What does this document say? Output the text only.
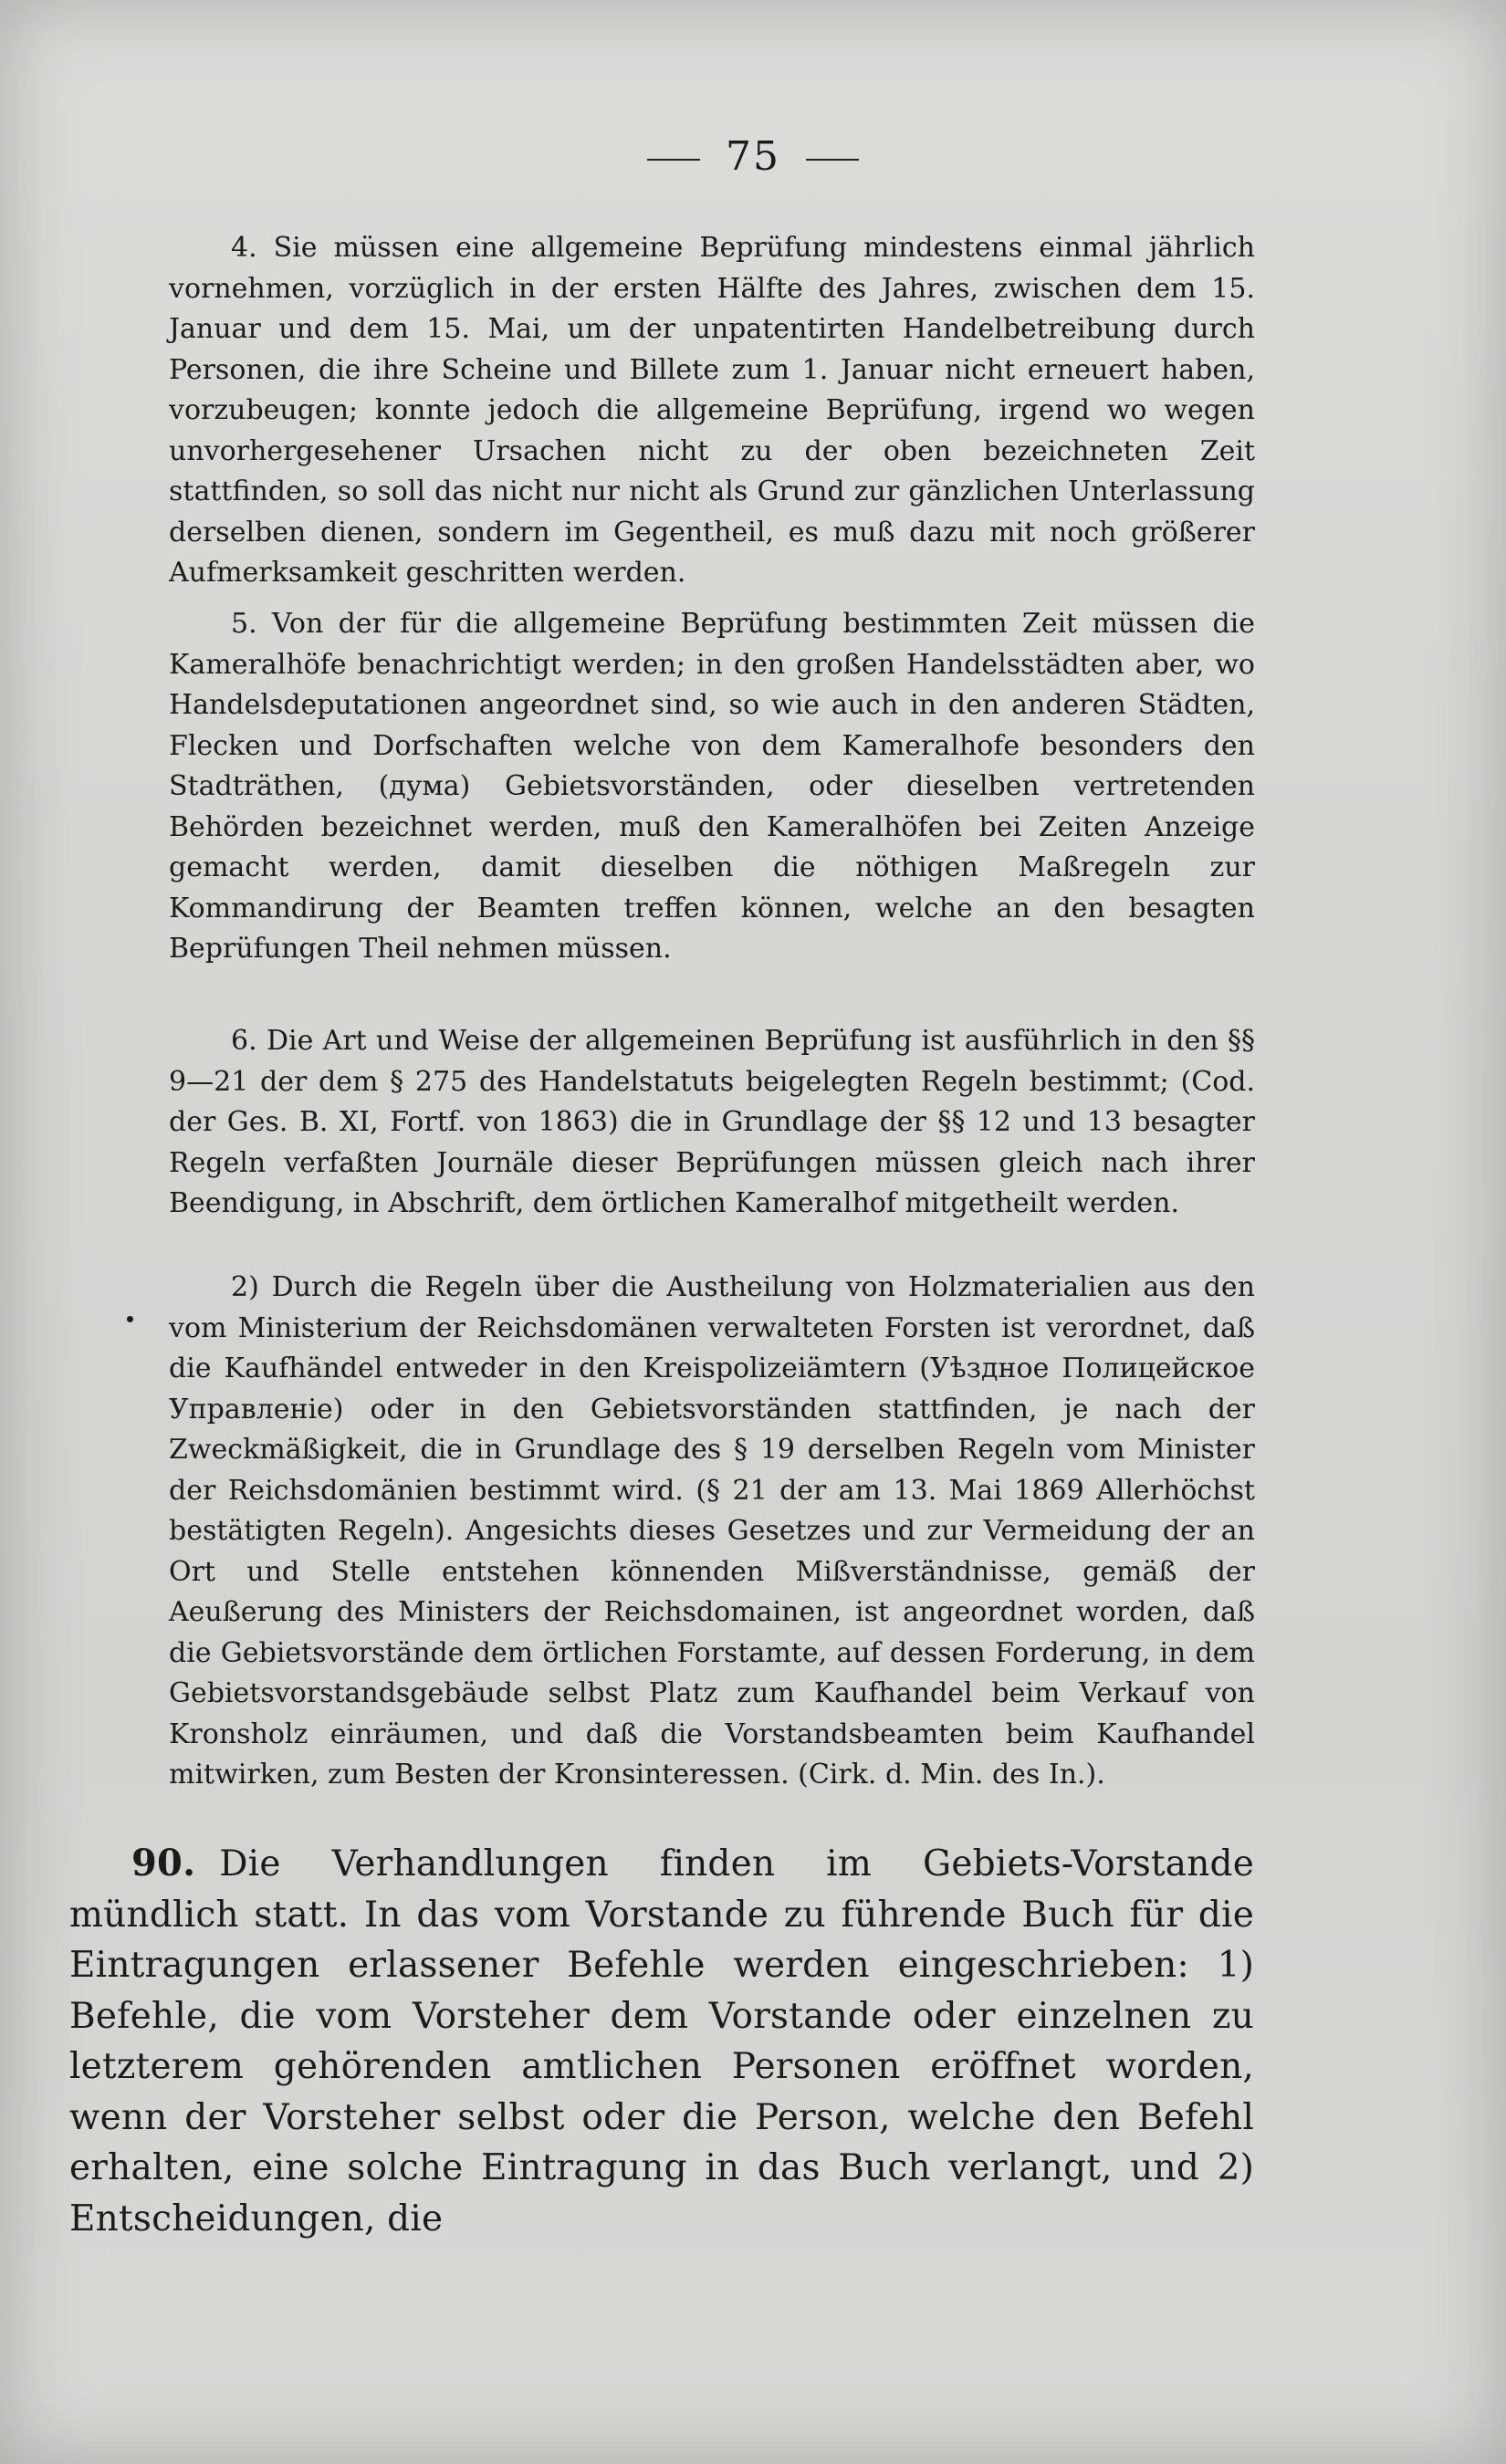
75

4. Sie müssen eine allgemeine Beprüfung mindestens einmal jährlich vornehmen, vorzüglich in der ersten Hälfte des Jahres, zwischen dem 15. Januar und dem 15. Mai, um der unpatentirten Handelbetreibung durch Personen, die ihre Scheine und Billete zum 1. Januar nicht erneuert haben, vorzubeugen; konnte jedoch die allgemeine Beprüfung, irgend wo wegen unvorhergesehener Ursachen nicht zu der oben bezeichneten Zeit stattfinden, so soll das nicht nur nicht als Grund zur gänzlichen Unterlassung derselben dienen, sondern im Gegentheil, es muß dazu mit noch größerer Aufmerksamkeit geschritten werden.

5. Von der für die allgemeine Beprüfung bestimmten Zeit müssen die Kameralhöfe benachrichtigt werden; in den großen Handelsstädten aber, wo Handelsdeputationen angeordnet sind, so wie auch in den anderen Städten, Flecken und Dorfschaften welche von dem Kameralhofe besonders den Stadträthen, (дума) Gebietsvorständen, oder dieselben vertretenden Behörden bezeichnet werden, muß den Kameralhöfen bei Zeiten Anzeige gemacht werden, damit dieselben die nöthigen Maßregeln zur Kommandirung der Beamten treffen können, welche an den besagten Beprüfungen Theil nehmen müssen.

6. Die Art und Weise der allgemeinen Beprüfung ist ausführlich in den §§ 9—21 der dem § 275 des Handelstatuts beigelegten Regeln bestimmt; (Cod. der Ges. B. XI, Fortf. von 1863) die in Grundlage der §§ 12 und 13 besagter Regeln verfaßten Journäle dieser Beprüfungen müssen gleich nach ihrer Beendigung, in Abschrift, dem örtlichen Kameralhof mitgetheilt werden.

2) Durch die Regeln über die Austheilung von Holzmaterialien aus den vom Ministerium der Reichsdomänen verwalteten Forsten ist verordnet, daß die Kaufhändel entweder in den Kreispolizeiämtern (Уѣздное Полицейское Управленіе) oder in den Gebietsvorständen stattfinden, je nach der Zweckmäßigkeit, die in Grundlage des § 19 derselben Regeln vom Minister der Reichsdomänien bestimmt wird. (§ 21 der am 13. Mai 1869 Allerhöchst bestätigten Regeln). Angesichts dieses Gesetzes und zur Vermeidung der an Ort und Stelle entstehen könnenden Mißverständnisse, gemäß der Aeußerung des Ministers der Reichsdomainen, ist angeordnet worden, daß die Gebietsvorstände dem örtlichen Forstamte, auf dessen Forderung, in dem Gebietsvorstandsgebäude selbst Platz zum Kaufhandel beim Verkauf von Kronsholz einräumen, und daß die Vorstandsbeamten beim Kaufhandel mitwirken, zum Besten der Kronsinteressen. (Cirk. d. Min. des In.).

90. Die Verhandlungen finden im Gebiets-Vorstande mündlich statt. In das vom Vorstande zu führende Buch für die Eintragungen erlassener Befehle werden eingeschrieben: 1) Befehle, die vom Vorsteher dem Vorstande oder einzelnen zu letzterem gehörenden amtlichen Personen eröffnet worden, wenn der Vorsteher selbst oder die Person, welche den Befehl erhalten, eine solche Eintragung in das Buch verlangt, und 2) Entscheidungen, die
